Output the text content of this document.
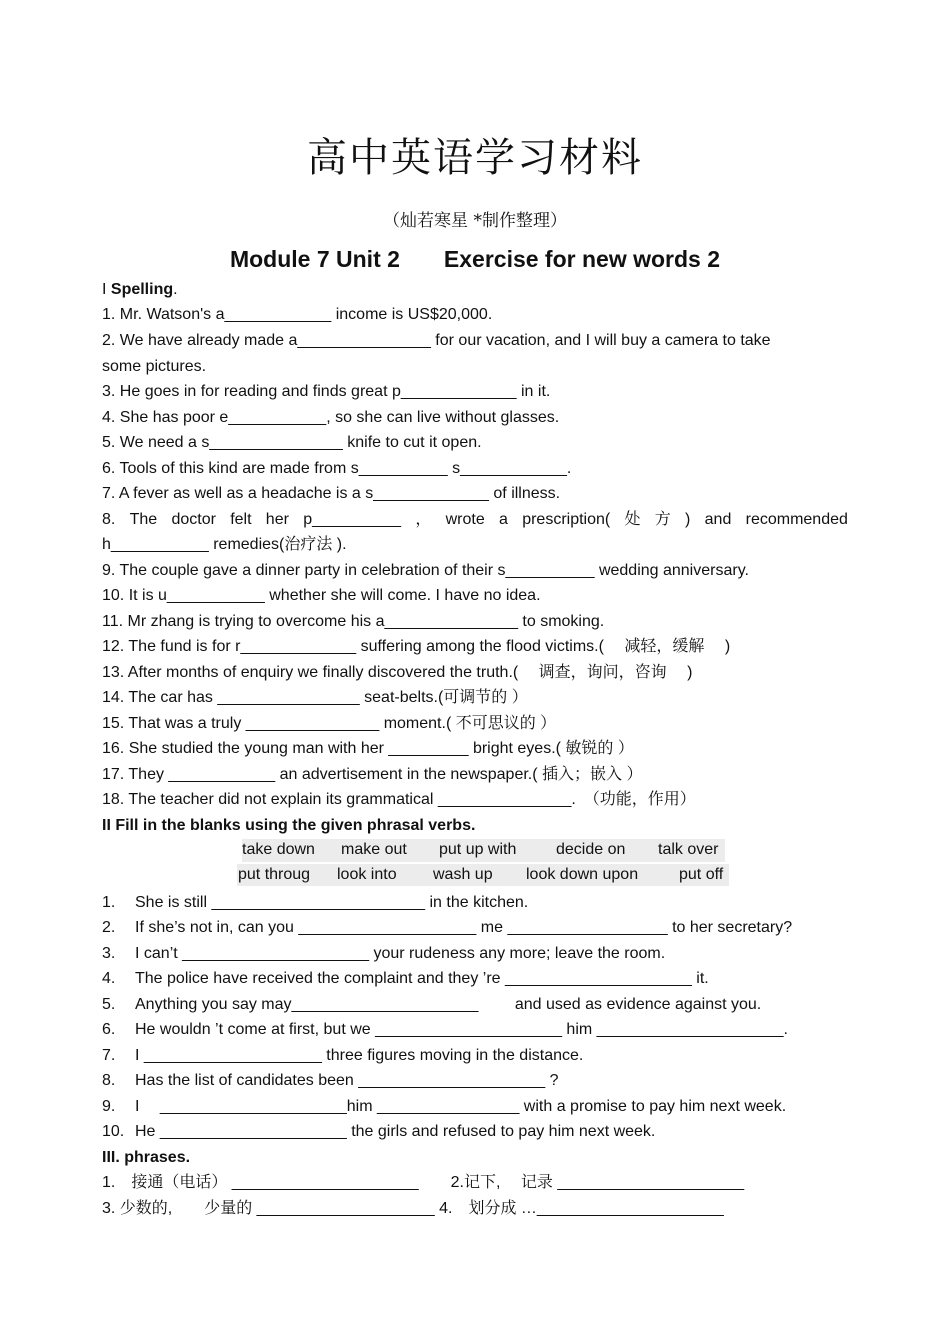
高中英语学习材料
（灿若寒星 *制作整理）
Module 7 Unit 2 Exercise for new words 2
I Spelling.
1. Mr. Watson's a____________ income is US$20,000.
2. We have already made a_______________ for our vacation, and I will buy a camera to take
some pictures.
3. He goes in for reading and finds great p_____________ in it.
4. She has poor e___________, so she can live without glasses.
5. We need a s_______________ knife to cut it open.
6. Tools of this kind are made from s__________ s____________.
7. A fever as well as a headache is a s_____________ of illness.
8. The doctor felt her p__________ ， wrote a prescription( 处 方 ) and recommended
h___________ remedies(治疗法 ).
9. The couple gave a dinner party in celebration of their s__________ wedding anniversary.
10. It is u___________ whether she will come. I have no idea.
11. Mr zhang is trying to overcome his a_______________ to smoking.
12. The fund is for r_____________ suffering among the flood victims.(　 减轻，缓解 　)
13. After months of enquiry we finally discovered the truth.(　 调查，询问，咨询 　)
14. The car has ________________ seat-belts.(可调节的 ）
15. That was a truly _______________ moment.( 不可思议的 ）
16. She studied the young man with her _________ bright eyes.( 敏锐的 ）
17. They ____________ an advertisement in the newspaper.( 插入；嵌入 ）
18. The teacher did not explain its grammatical _______________.　（功能，作用）
II Fill in the blanks using the given phrasal verbs.
take down make out put up with decide on talk over
put throug look into wash up look down upon	put off
1. She is still ________________________ in the kitchen.
2. If she’s not in, can you ____________________ me __________________ to her secretary?
3. I can’t _____________________ your rudeness any more; leave the room.
4. The police have received the complaint and they ’re _____________________ it.
5. Anything you say may_____________________ 　　and used as evidence against you.
6. He wouldn ’t come at first, but we _____________________ him _____________________.
7. I ____________________ three figures moving in the distance.
8. Has the list of candidates been _____________________ ?
9. I 　_____________________him ________________ with a promise to pay him next week.
10. He _____________________ the girls and refused to pay him next week.
III. phrases.
1.　接通（电话） _____________________　　2.记下,　 记录 _____________________
3. 少数的,　　少量的 ____________________ 4.　划分成 …_____________________
